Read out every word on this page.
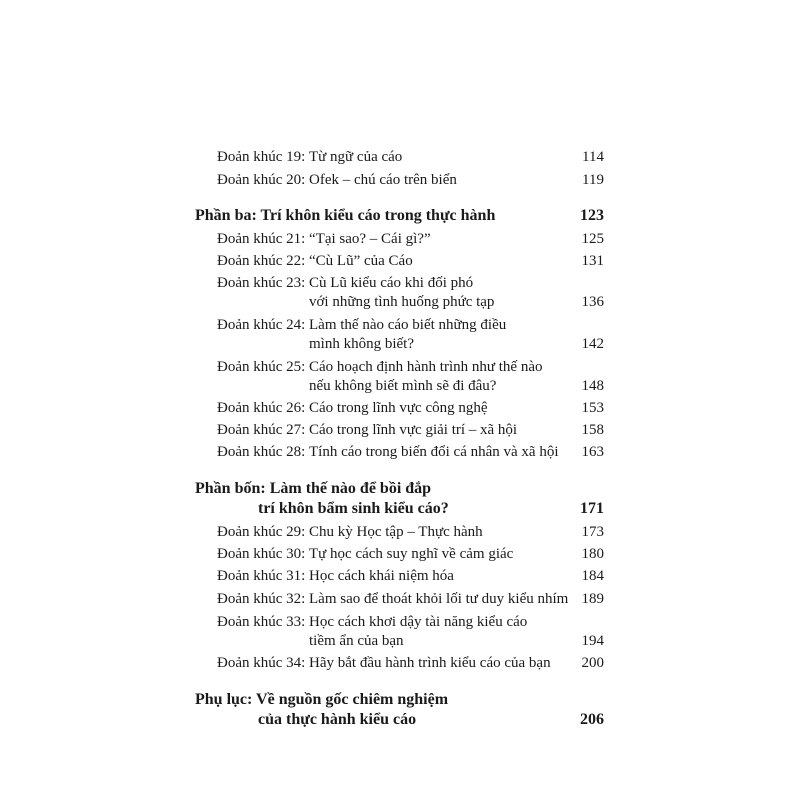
Đoản khúc 19: Từ ngữ của cáo	114
Đoản khúc 20: Ofek – chú cáo trên biển	119
Phần ba: Trí khôn kiểu cáo trong thực hành	123
Đoản khúc 21: “Tại sao? – Cái gì?”	125
Đoản khúc 22: “Cù Lũ” của Cáo	131
Đoản khúc 23: Cù Lũ kiểu cáo khi đối phó
với những tình huống phức tạp	136
Đoản khúc 24: Làm thế nào cáo biết những điều
mình không biết?	142
Đoản khúc 25: Cáo hoạch định hành trình như thế nào
nếu không biết mình sẽ đi đâu?	148
Đoản khúc 26: Cáo trong lĩnh vực công nghệ	153
Đoản khúc 27: Cáo trong lĩnh vực giải trí – xã hội	158
Đoản khúc 28: Tính cáo trong biến đổi cá nhân và xã hội 163
Phần bốn: Làm thế nào để bồi đắp
trí khôn bẩm sinh kiểu cáo?	171
Đoản khúc 29: Chu kỳ Học tập – Thực hành	173
Đoản khúc 30: Tự học cách suy nghĩ về cảm giác	180
Đoản khúc 31: Học cách khái niệm hóa	184
Đoản khúc 32: Làm sao để thoát khỏi lối tư duy kiểu nhím 189
Đoản khúc 33: Học cách khơi dậy tài năng kiểu cáo
tiềm ẩn của bạn	194
Đoản khúc 34: Hãy bắt đầu hành trình kiểu cáo của bạn 200
Phụ lục: Về nguồn gốc chiêm nghiệm
của thực hành kiểu cáo	206
